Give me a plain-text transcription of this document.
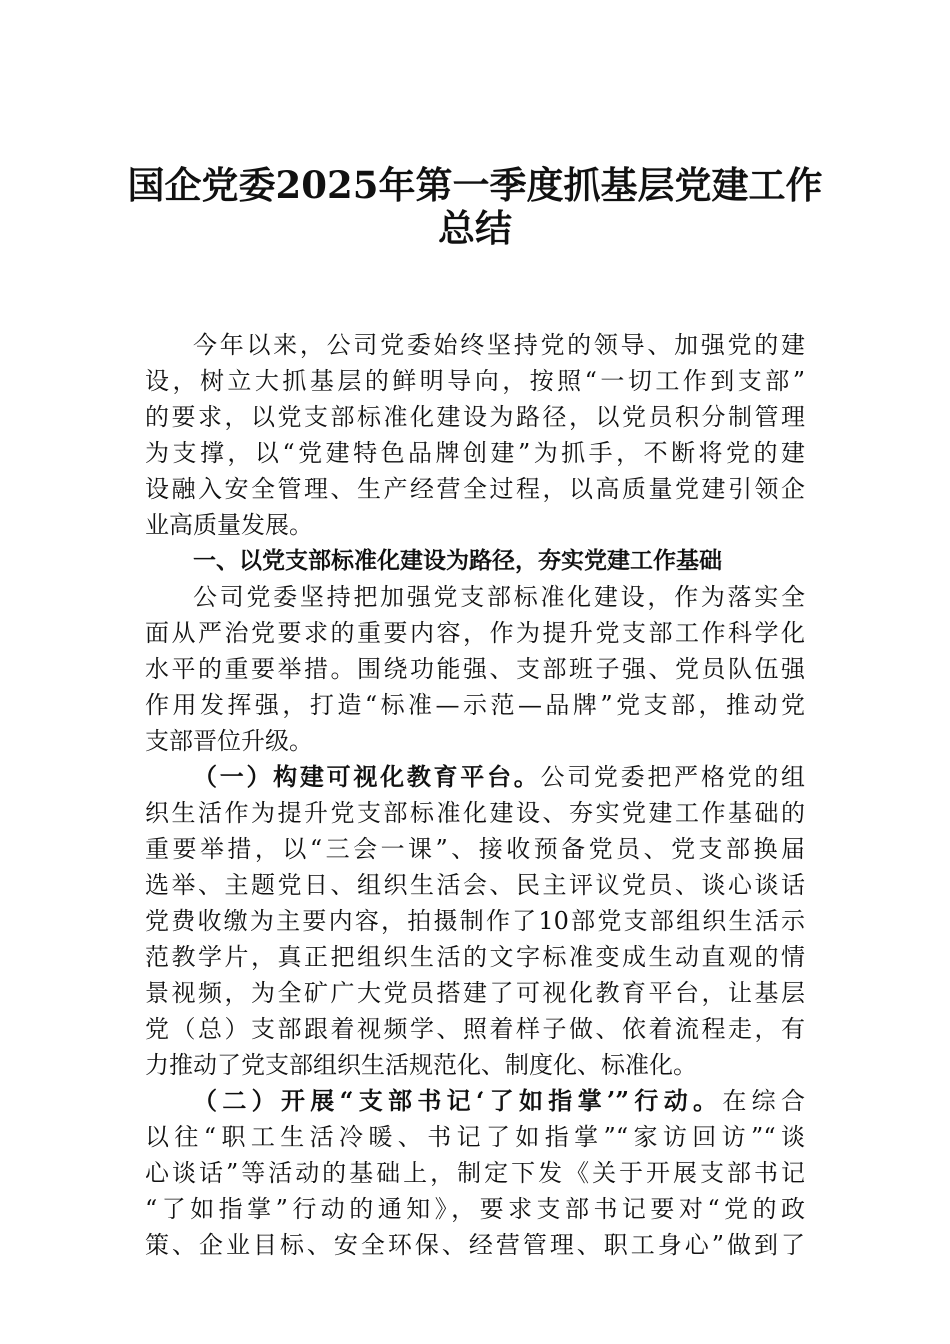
国企党委2025年第一季度抓基层党建工作
总结
今年以来，公司党委始终坚持党的领导、加强党的建
设，树立大抓基层的鲜明导向，按照“一切工作到支部”
的要求，以党支部标准化建设为路径，以党员积分制管理
为支撑，以“党建特色品牌创建”为抓手，不断将党的建
设融入安全管理、生产经营全过程，以高质量党建引领企
业高质量发展。
一、以党支部标准化建设为路径，夯实党建工作基础
公司党委坚持把加强党支部标准化建设，作为落实全
面从严治党要求的重要内容，作为提升党支部工作科学化
水平的重要举措。围绕功能强、支部班子强、党员队伍强
作用发挥强，打造“标准—示范—品牌”党支部，推动党
支部晋位升级。
（一）构建可视化教育平台。公司党委把严格党的组
织生活作为提升党支部标准化建设、夯实党建工作基础的
重要举措，以“三会一课”、接收预备党员、党支部换届
选举、主题党日、组织生活会、民主评议党员、谈心谈话
党费收缴为主要内容，拍摄制作了10部党支部组织生活示
范教学片，真正把组织生活的文字标准变成生动直观的情
景视频，为全矿广大党员搭建了可视化教育平台，让基层
党（总）支部跟着视频学、照着样子做、依着流程走，有
力推动了党支部组织生活规范化、制度化、标准化。
（二）开展“支部书记‘了如指掌’”行动。在综合
以往“职工生活冷暖、书记了如指掌”“家访回访”“谈
心谈话”等活动的基础上，制定下发《关于开展支部书记
“了如指掌”行动的通知》，要求支部书记要对“党的政
策、企业目标、安全环保、经营管理、职工身心”做到了
